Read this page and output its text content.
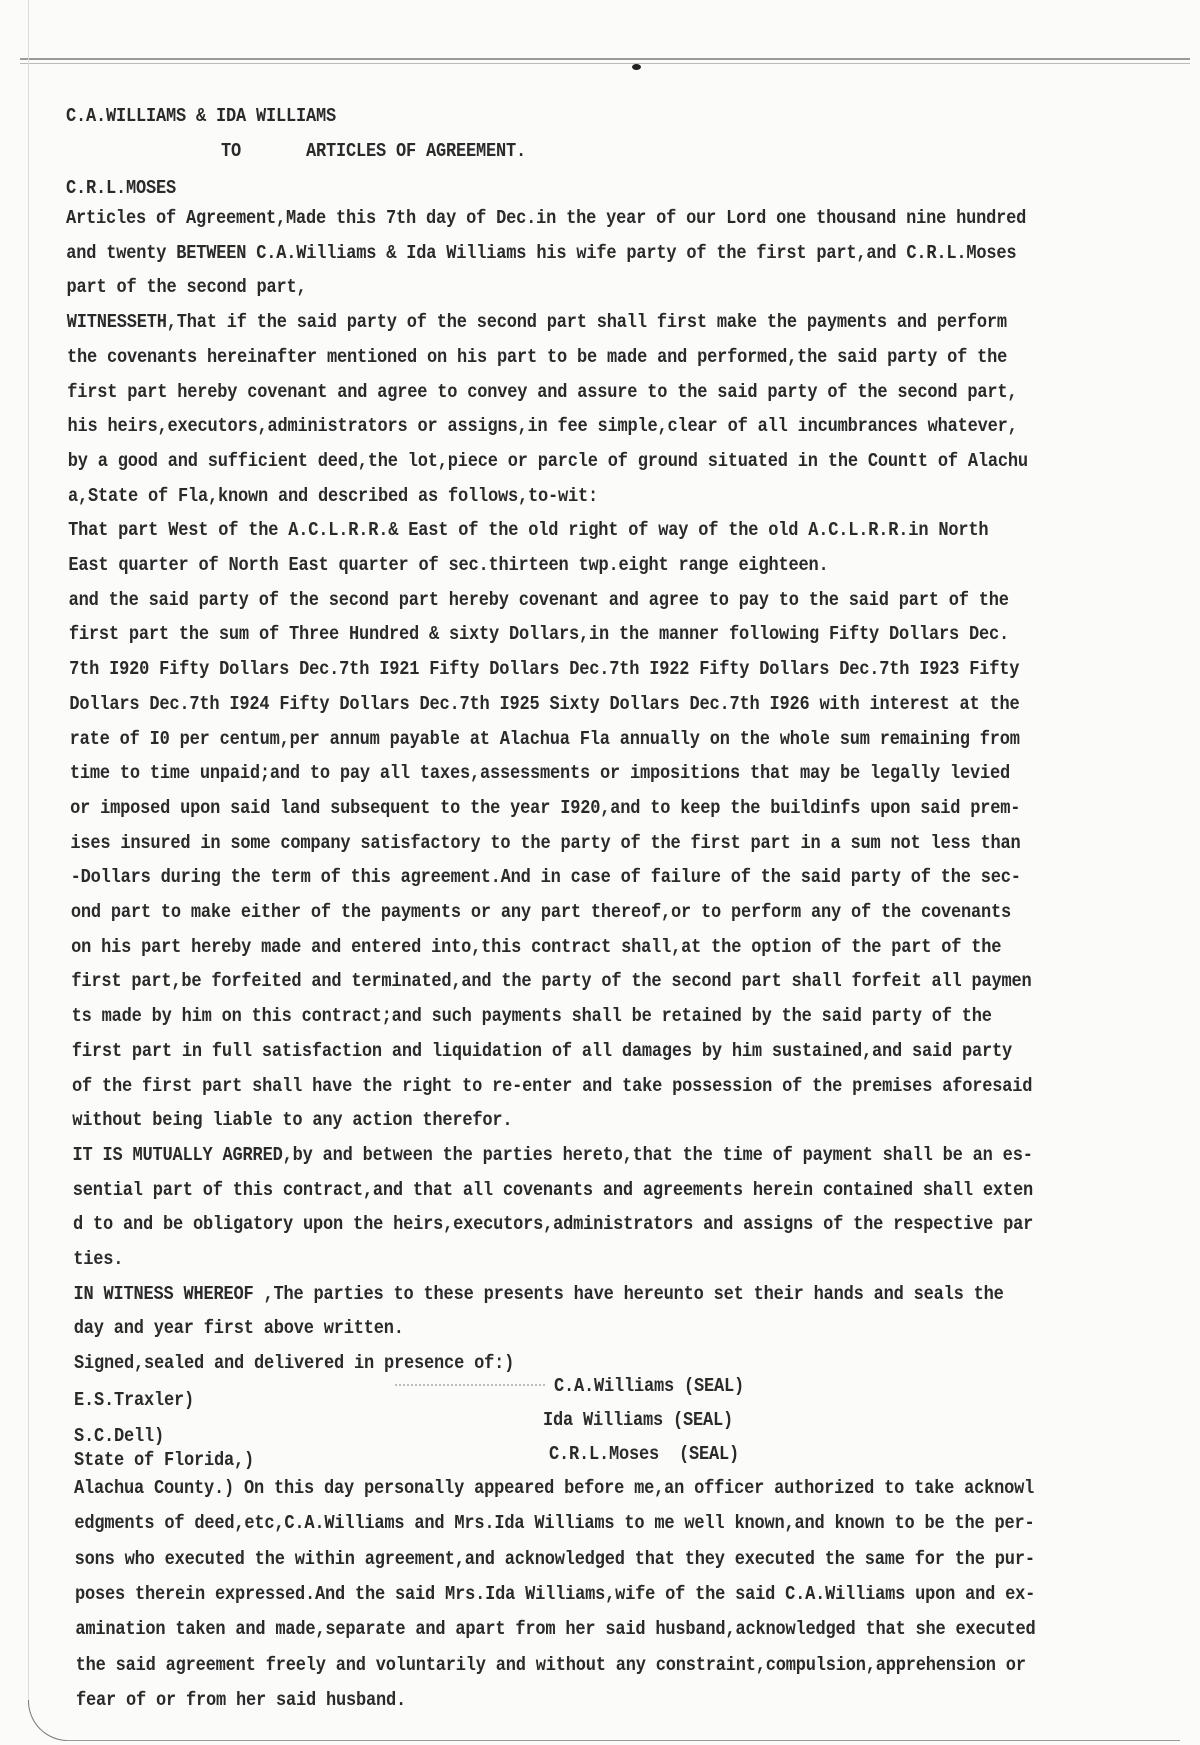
C.A.WILLIAMS & IDA WILLIAMS
TO	ARTICLES OF AGREEMENT.
C.R.L.MOSES
Articles of Agreement,Made this 7th day of Dec.in the year of our Lord one thousand nine hundred
and twenty BETWEEN C.A.Williams & Ida Williams his wife party of the first part,and C.R.L.Moses
part of the second part,
WITNESSETH,That if the said party of the second part shall first make the payments and perform
the covenants hereinafter mentioned on his part to be made and performed,the said party of the
first part hereby covenant and agree to convey and assure to the said party of the second part,
his heirs,executors,administrators or assigns,in fee simple,clear of all incumbrances whatever,
by a good and sufficient deed,the lot,piece or parcle of ground situated in the Countt of Alachu
a,State of Fla,known and described as follows,to-wit:
That part West of the A.C.L.R.R.& East of the old right of way of the old A.C.L.R.R.in North
East quarter of North East quarter of sec.thirteen twp.eight range eighteen.
and the said party of the second part hereby covenant and agree to pay to the said part of the
first part the sum of Three Hundred & sixty Dollars,in the manner following Fifty Dollars Dec.
7th I920 Fifty Dollars Dec.7th I921 Fifty Dollars Dec.7th I922 Fifty Dollars Dec.7th I923 Fifty
Dollars Dec.7th I924 Fifty Dollars Dec.7th I925 Sixty Dollars Dec.7th I926 with interest at the
rate of I0 per centum,per annum payable at Alachua Fla annually on the whole sum remaining from
time to time unpaid;and to pay all taxes,assessments or impositions that may be legally levied
or imposed upon said land subsequent to the year I920,and to keep the buildinfs upon said prem-
ises insured in some company satisfactory to the party of the first part in a sum not less than
-Dollars during the term of this agreement.And in case of failure of the said party of the sec-
ond part to make either of the payments or any part thereof,or to perform any of the covenants
on his part hereby made and entered into,this contract shall,at the option of the part of the
first part,be forfeited and terminated,and the party of the second part shall forfeit all paymen
ts made by him on this contract;and such payments shall be retained by the said party of the
first part in full satisfaction and liquidation of all damages by him sustained,and said party
of the first part shall have the right to re-enter and take possession of the premises aforesaid
without being liable to any action therefor.
IT IS MUTUALLY AGRRED,by and between the parties hereto,that the time of payment shall be an es-
sential part of this contract,and that all covenants and agreements herein contained shall exten
d to and be obligatory upon the heirs,executors,administrators and assigns of the respective par
ties.
IN WITNESS WHEREOF ,The parties to these presents have hereunto set their hands and seals the
day and year first above written.
Signed,sealed and delivered in presence of:)
E.S.Traxler)
S.C.Dell)
State of Florida,)
C.A.Williams (SEAL)
Ida Williams (SEAL)
C.R.L.Moses  (SEAL)
Alachua County.) On this day personally appeared before me,an officer authorized to take acknowl
edgments of deed,etc,C.A.Williams and Mrs.Ida Williams to me well known,and known to be the per-
sons who executed the within agreement,and acknowledged that they executed the same for the pur-
poses therein expressed.And the said Mrs.Ida Williams,wife of the said C.A.Williams upon and ex-
amination taken and made,separate and apart from her said husband,acknowledged that she executed
the said agreement freely and voluntarily and without any constraint,compulsion,apprehension or
fear of or from her said husband.
